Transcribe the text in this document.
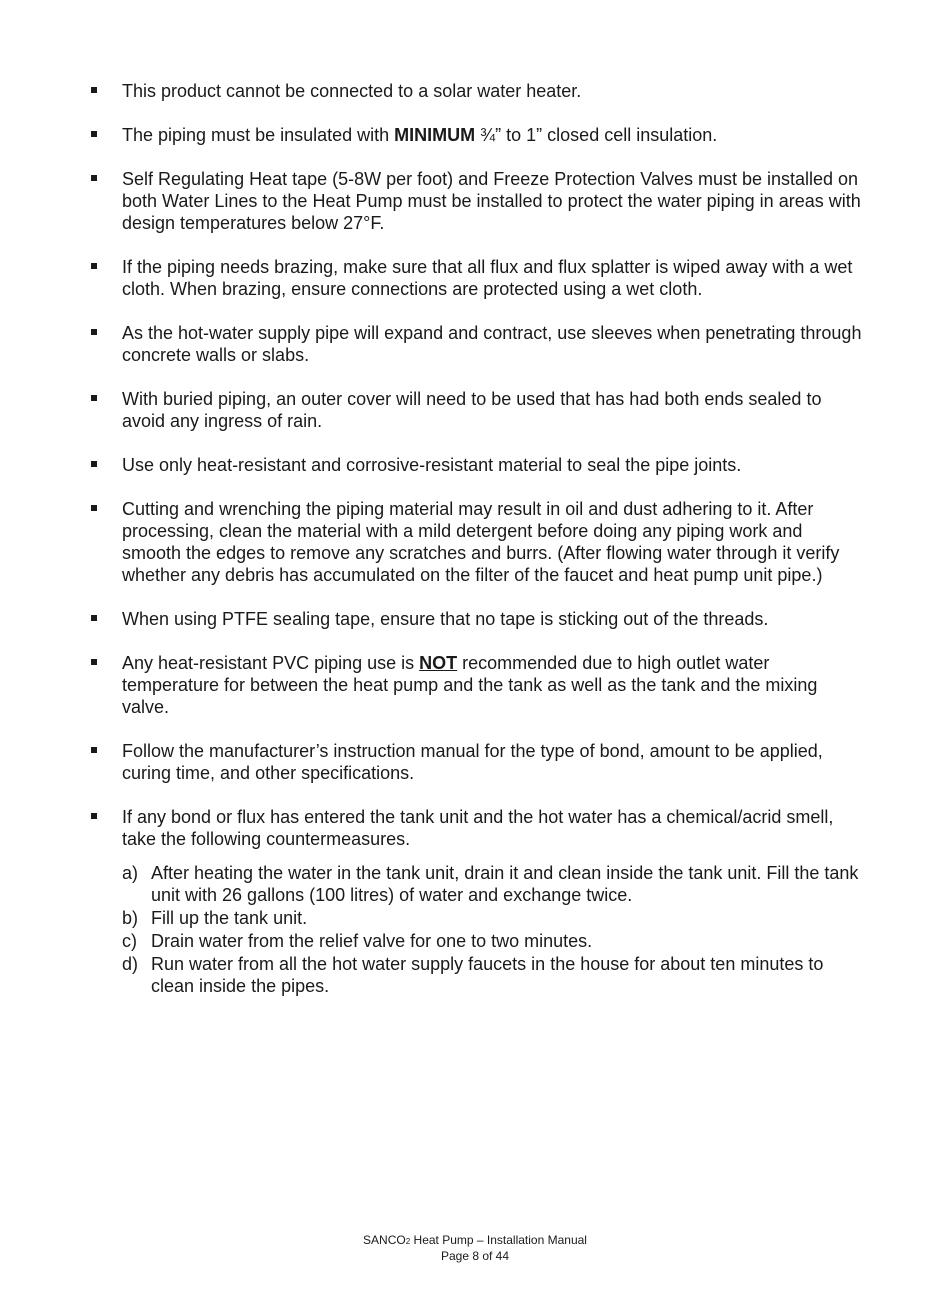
This product cannot be connected to a solar water heater.
The piping must be insulated with MINIMUM ¾” to 1” closed cell insulation.
Self Regulating Heat tape (5-8W per foot) and Freeze Protection Valves must be installed on both Water Lines to the Heat Pump must be installed to protect the water piping in areas with design temperatures below 27°F.
If the piping needs brazing, make sure that all flux and flux splatter is wiped away with a wet cloth. When brazing, ensure connections are protected using a wet cloth.
As the hot-water supply pipe will expand and contract, use sleeves when penetrating through concrete walls or slabs.
With buried piping, an outer cover will need to be used that has had both ends sealed to avoid any ingress of rain.
Use only heat-resistant and corrosive-resistant material to seal the pipe joints.
Cutting and wrenching the piping material may result in oil and dust adhering to it. After processing, clean the material with a mild detergent before doing any piping work and smooth the edges to remove any scratches and burrs. (After flowing water through it verify whether any debris has accumulated on the filter of the faucet and heat pump unit pipe.)
When using PTFE sealing tape, ensure that no tape is sticking out of the threads.
Any heat-resistant PVC piping use is NOT recommended due to high outlet water temperature for between the heat pump and the tank as well as the tank and the mixing valve.
Follow the manufacturer’s instruction manual for the type of bond, amount to be applied, curing time, and other specifications.
If any bond or flux has entered the tank unit and the hot water has a chemical/acrid smell, take the following countermeasures.
a) After heating the water in the tank unit, drain it and clean inside the tank unit. Fill the tank unit with 26 gallons (100 litres) of water and exchange twice.
b) Fill up the tank unit.
c) Drain water from the relief valve for one to two minutes.
d) Run water from all the hot water supply faucets in the house for about ten minutes to clean inside the pipes.
SANCO2 Heat Pump – Installation Manual
Page 8 of 44
